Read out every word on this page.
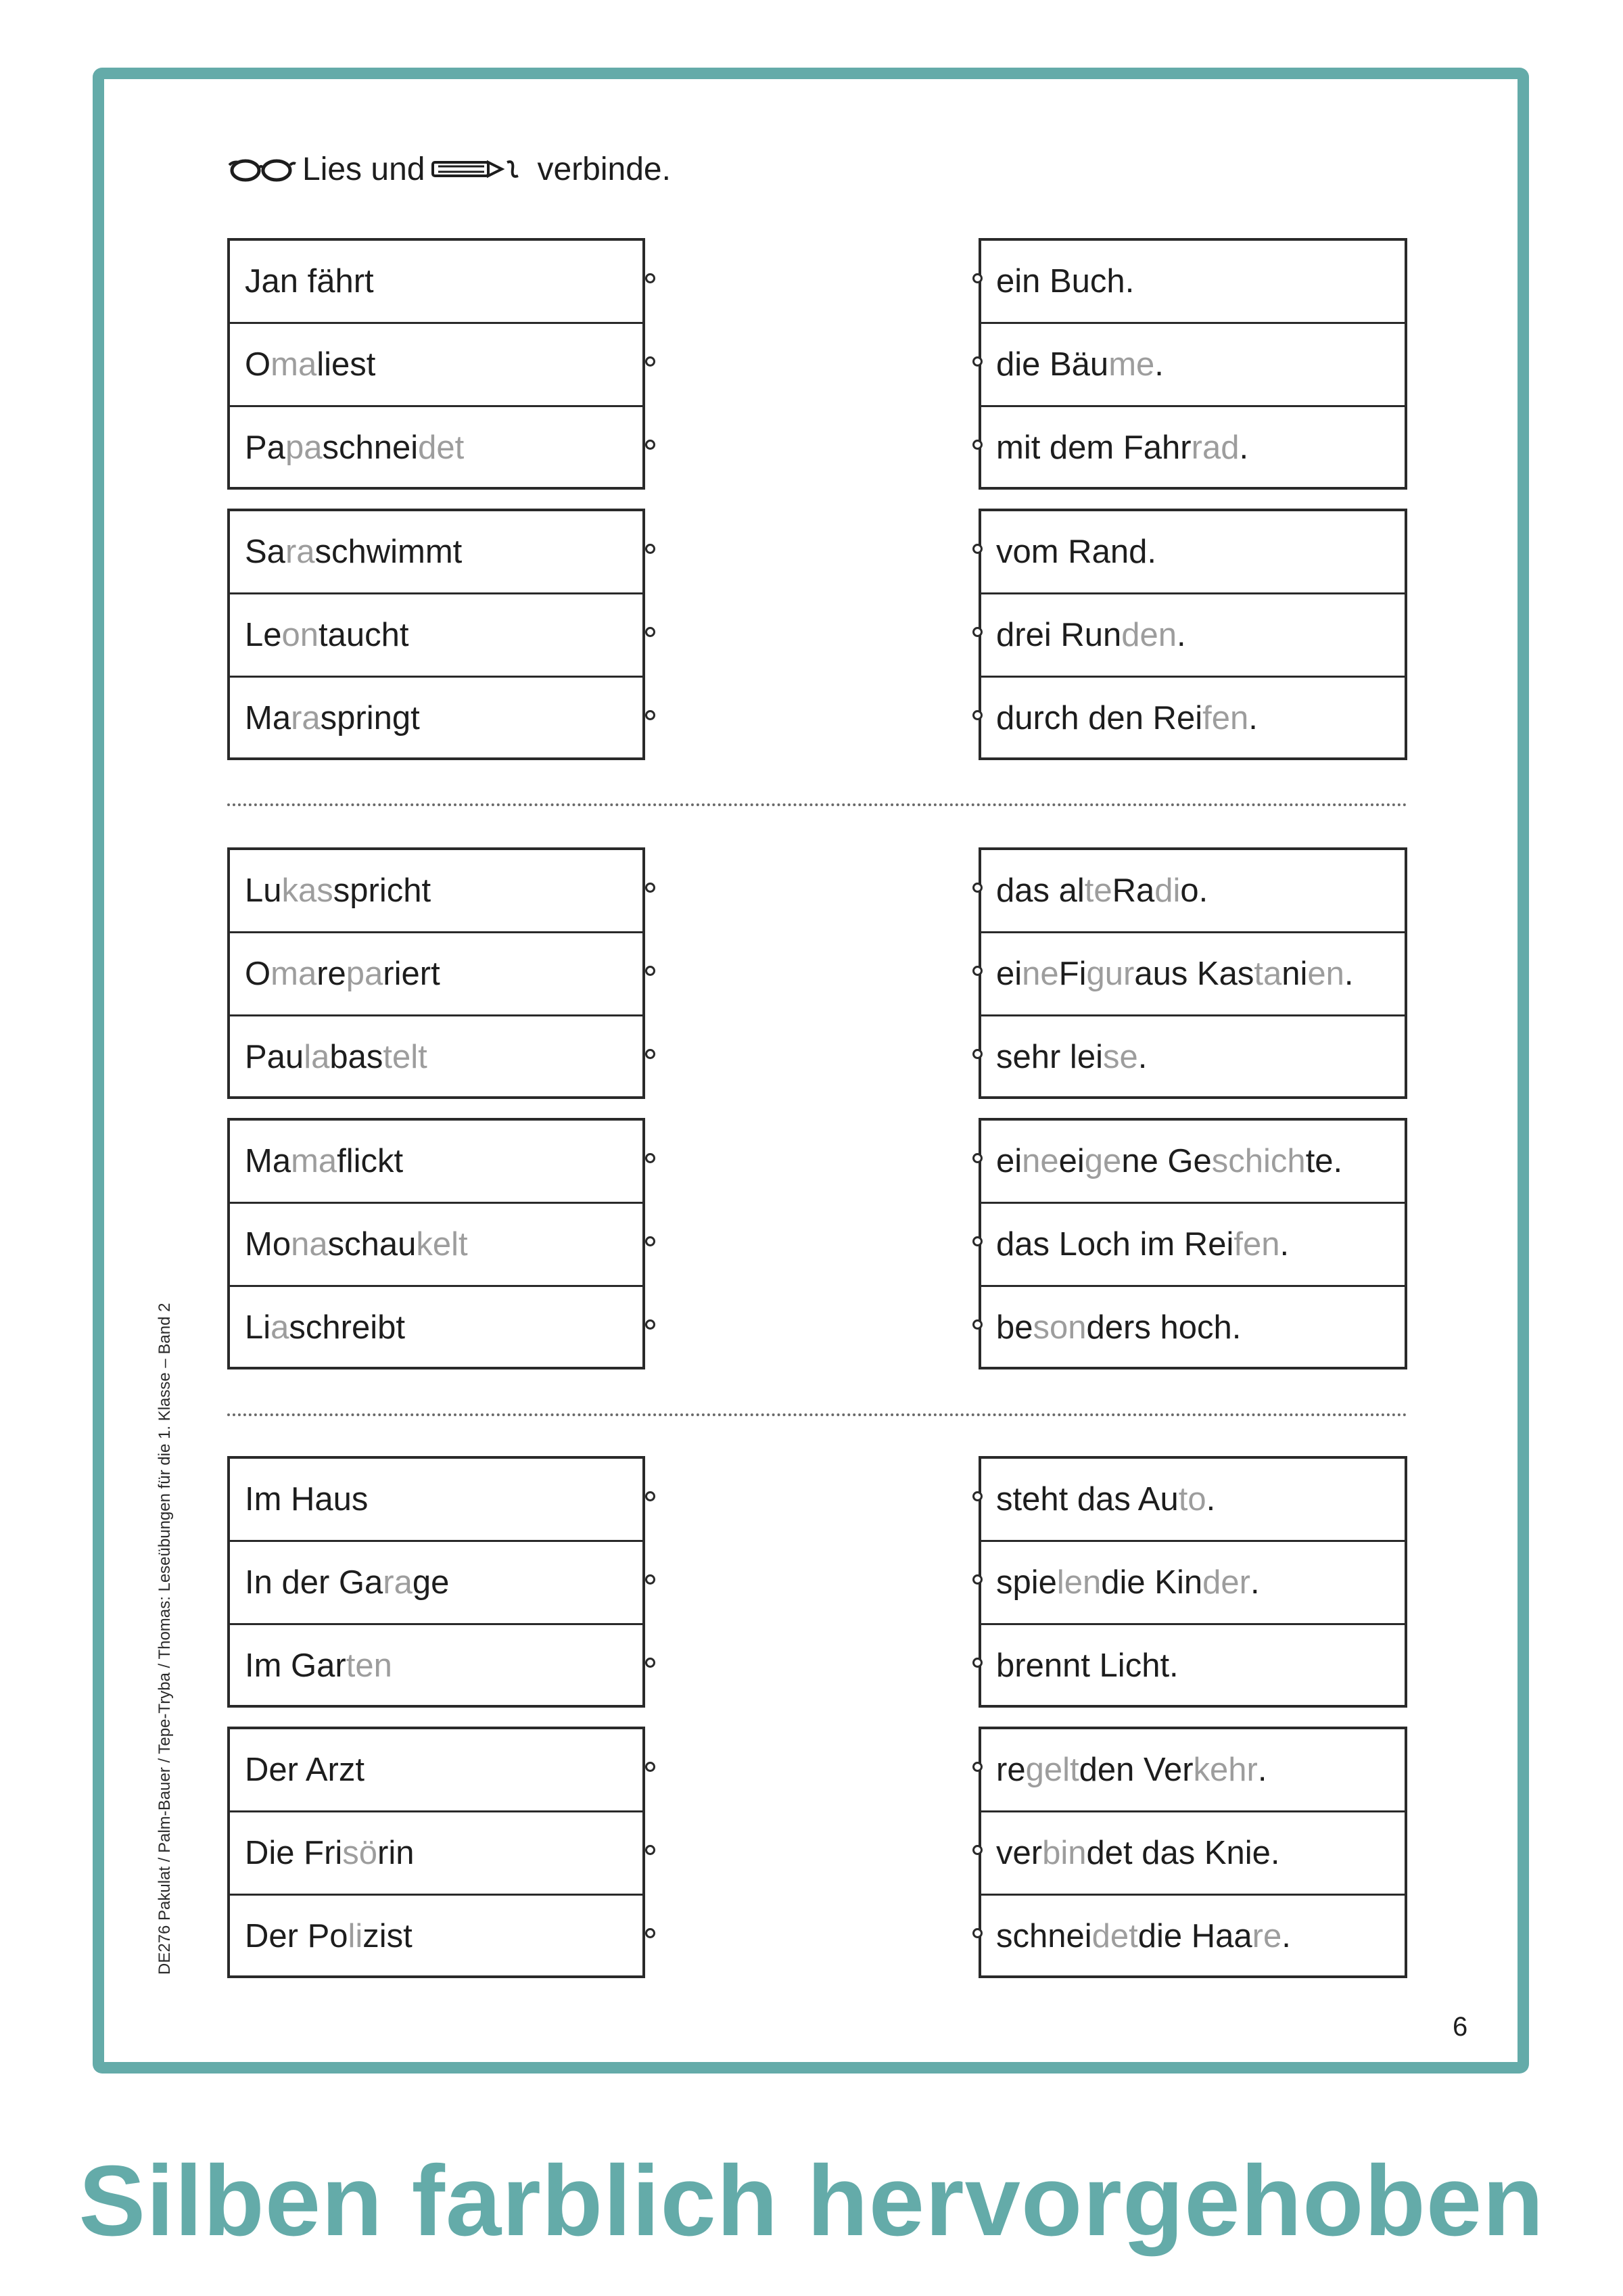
Lies und	verbinde.
Jan fährt
O ma liest
Pa pa schnei det
ein Buch.
die Bäu me .
mit dem Fahr rad .
Sa ra schwimmt
Le on taucht
Ma ra springt
vom Rand.
drei Run den .
durch den Rei fen .
Lu kas spricht
O ma re pa riert
Pau la bas telt
das al te Ra di o.
ei ne Fi gur aus Kas ta ni en .
sehr lei se .
Ma ma flickt
Mo na schau kelt
Li a schreibt
ei ne ei ge ne Ge schich te.
das Loch im Rei fen .
be son ders hoch.
Im Haus
In der Ga ra ge
Im Gar ten
steht das Au to .
spie len die Kin der .
brennt Licht.
Der Arzt
Die Fri sö rin
Der Po li zist
re gelt den Ver kehr .
ver bin det das Knie.
schnei det die Haa re .
DE276 Pakulat / Palm-Bauer / Tepe-Tryba / Thomas: Leseübungen für die 1. Klasse – Band 2
6
Silben farblich hervorgehoben
